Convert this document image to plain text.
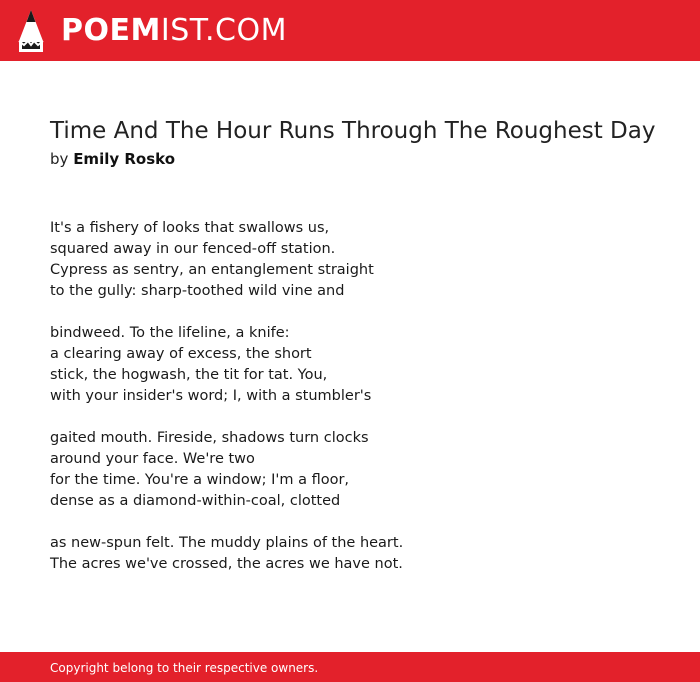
POEMIST.COM
Time And The Hour Runs Through The Roughest Day
by Emily Rosko
It's a fishery of looks that swallows us,
squared away in our fenced-off station.
Cypress as sentry, an entanglement straight
to the gully: sharp-toothed wild vine and
bindweed. To the lifeline, a knife:
a clearing away of excess, the short
stick, the hogwash, the tit for tat. You,
with your insider's word; I, with a stumbler's
gaited mouth. Fireside, shadows turn clocks
around your face. We're two
for the time. You're a window; I'm a floor,
dense as a diamond-within-coal, clotted
as new-spun felt. The muddy plains of the heart.
The acres we've crossed, the acres we have not.
Copyright belong to their respective owners.
